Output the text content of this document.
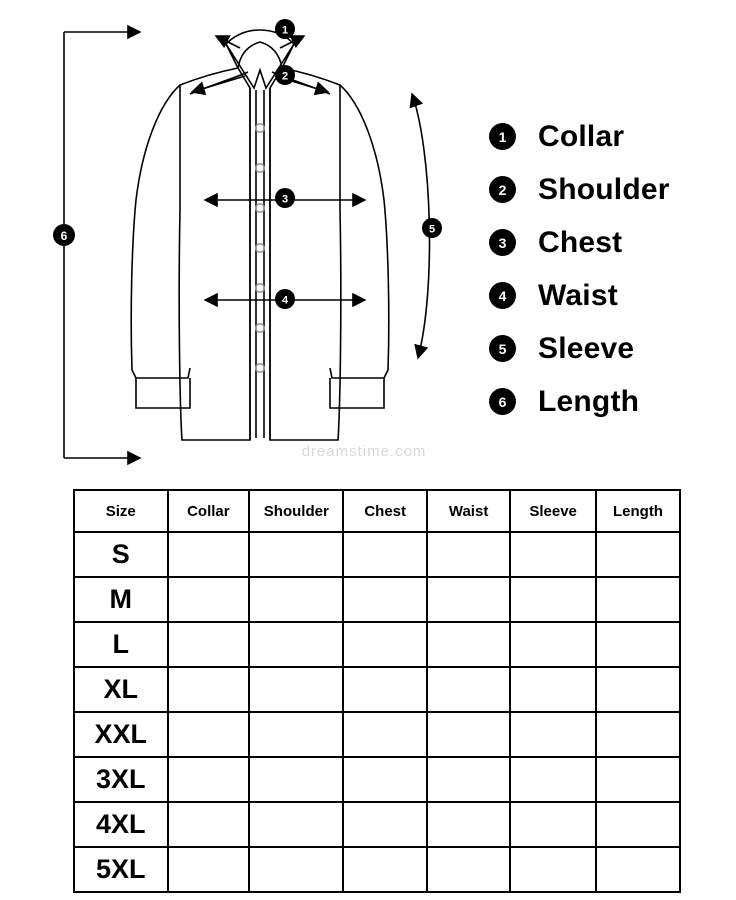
1
2
3
4
5
6
1	Collar
2	Shoulder
3	Chest
4	Waist
5	Sleeve
6	Length
dreamstime.com
Size	Collar	Shoulder	Chest	Waist	Sleeve	Length
S						
M						
L						
XL						
XXL						
3XL						
4XL						
5XL						
